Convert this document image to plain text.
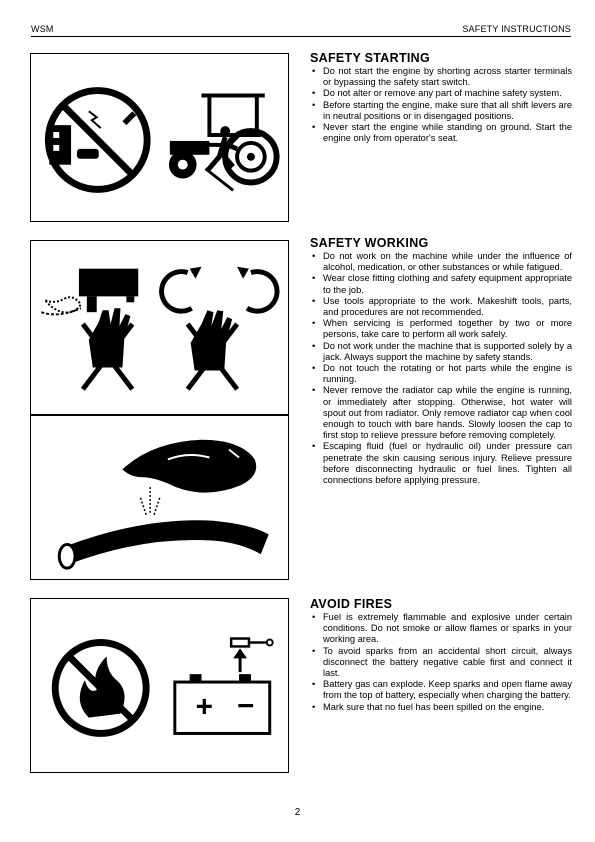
WSM	SAFETY INSTRUCTIONS
+ −
SAFETY STARTING
• Do not start the engine by shorting across starter terminals or bypassing the safety start switch.
• Do not alter or remove any part of machine safety system.
• Before starting the engine, make sure that all shift levers are in neutral positions or in disengaged positions.
• Never start the engine while standing on ground. Start the engine only from operator's seat.
SAFETY WORKING
• Do not work on the machine while under the influence of alcohol, medication, or other substances or while fatigued.
• Wear close fitting clothing and safety equipment appropriate to the job.
• Use tools appropriate to the work. Makeshift tools, parts, and procedures are not recommended.
• When servicing is performed together by two or more persons, take care to perform all work safely.
• Do not work under the machine that is supported solely by a jack. Always support the machine by safety stands.
• Do not touch the rotating or hot parts while the engine is running.
• Never remove the radiator cap while the engine is running, or immediately after stopping. Otherwise, hot water will spout out from radiator. Only remove radiator cap when cool enough to touch with bare hands. Slowly loosen the cap to first stop to relieve pressure before removing completely.
• Escaping fluid (fuel or hydraulic oil) under pressure can penetrate the skin causing serious injury. Relieve pressure before disconnecting hydraulic or fuel lines. Tighten all connections before applying pressure.
AVOID FIRES
• Fuel is extremely flammable and explosive under certain conditions. Do not smoke or allow flames or sparks in your working area.
• To avoid sparks from an accidental short circuit, always disconnect the battery negative cable first and connect it last.
• Battery gas can explode. Keep sparks and open flame away from the top of battery, especially when charging the battery.
• Mark sure that no fuel has been spilled on the engine.
2
